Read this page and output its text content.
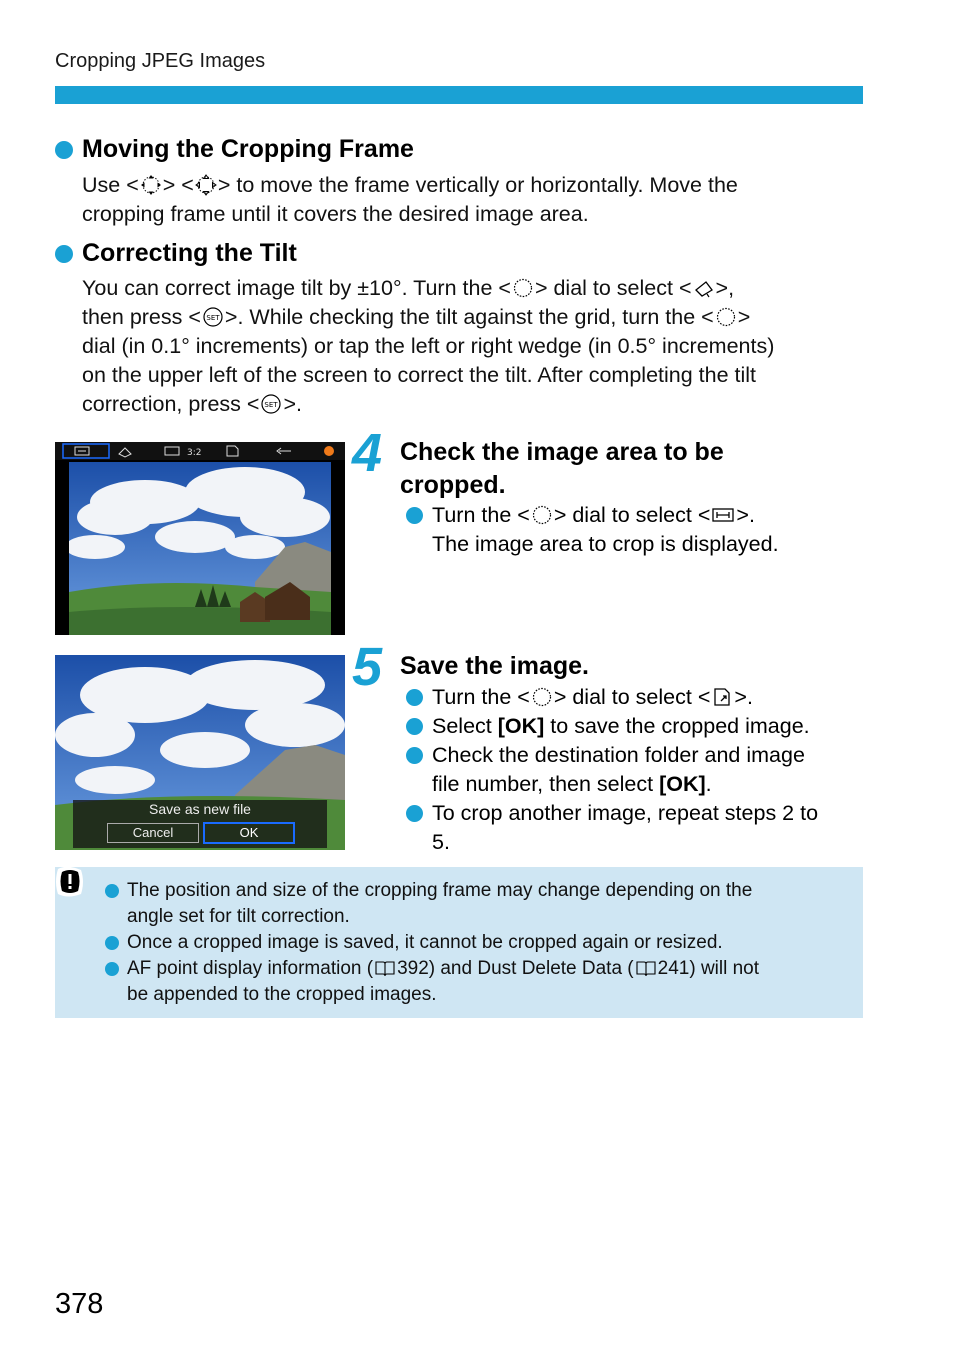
Cropping JPEG Images
Moving the Cropping Frame
Use < > < > to move the frame vertically or horizontally. Move the
cropping frame until it covers the desired image area.
Correcting the Tilt
You can correct image tilt by ±10°. Turn the < > dial to select < >,
then press < >. While checking the tilt against the grid, turn the < >
dial (in 0.1° increments) or tap the left or right wedge (in 0.5° increments)
on the upper left of the screen to correct the tilt. After completing the tilt
correction, press < >.
3:2	4 Check the image area to be
cropped.
Turn the < > dial to select < >.
The image area to crop is displayed.
Save as new file
Cancel	OK
5 Save the image.
Turn the < > dial to select < >.
Select [OK] to save the cropped image.
Check the destination folder and image
file number, then select [OK].
To crop another image, repeat steps 2 to
5.
The position and size of the cropping frame may change depending on the
angle set for tilt correction.
Once a cropped image is saved, it cannot be cropped again or resized.
AF point display information ( 392) and Dust Delete Data ( 241) will not
be appended to the cropped images.
378
